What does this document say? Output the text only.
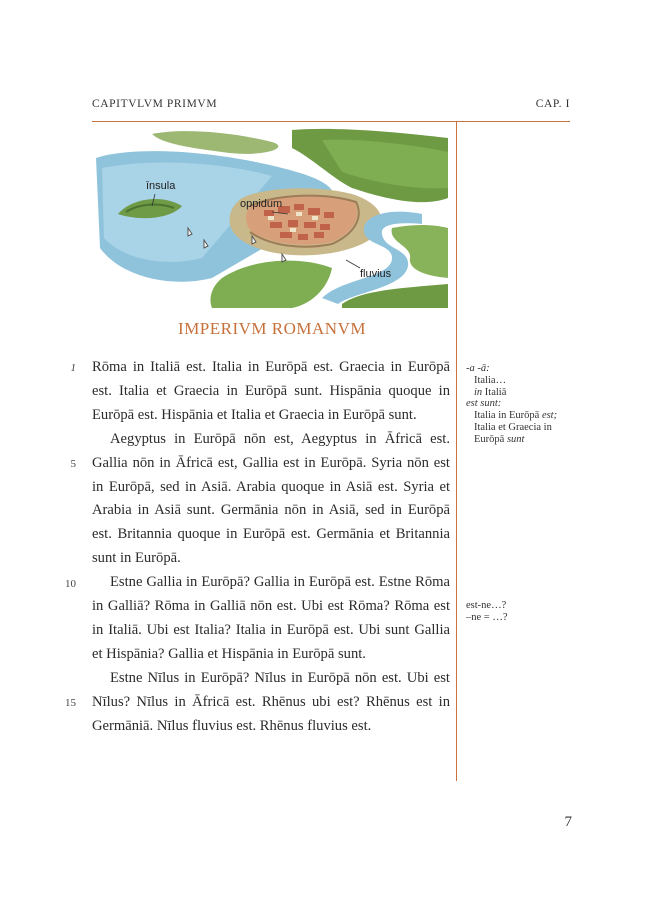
CAPITVLVM PRIMVM	CAP. I
īnsula
oppidum
fluvius
IMPERIVM ROMANVM

Rōma in Italiā est. Italia in Eurōpā est. Graecia in Eurōpā est. Italia et Graecia in Eurōpā sunt. Hispānia quoque in Eurōpā est. Hispānia et Italia et Graecia in Eurōpā sunt.

Aegyptus in Eurōpā nōn est, Aegyptus in Āfricā est. Gallia nōn in Āfricā est, Gallia est in Eurōpā. Syria nōn est in Eurōpā, sed in Asiā. Arabia quoque in Asiā est. Syria et Arabia in Asiā sunt. Germānia nōn in Asiā, sed in Eurōpā est. Britannia quoque in Eurōpā est. Germānia et Britannia sunt in Eurōpā.

Estne Gallia in Eurōpā? Gallia in Eurōpā est. Estne Rōma in Galliā? Rōma in Galliā nōn est. Ubi est Rōma? Rōma est in Italiā. Ubi est Italia? Italia in Eurōpā est. Ubi sunt Gallia et Hispānia? Gallia et Hispānia in Eurōpā sunt.

Estne Nīlus in Eurōpā? Nīlus in Eurōpā nōn est. Ubi est Nīlus? Nīlus in Āfricā est. Rhēnus ubi est? Rhēnus est in Germāniā. Nīlus fluvius est. Rhēnus fluvius est.

1
5
10
15
-a -ā:
Italia…
in Italiā
est sunt:
Italia in Eurōpā est;
Italia et Graecia in
Eurōpā sunt
est-ne…?
–ne = …?
7
